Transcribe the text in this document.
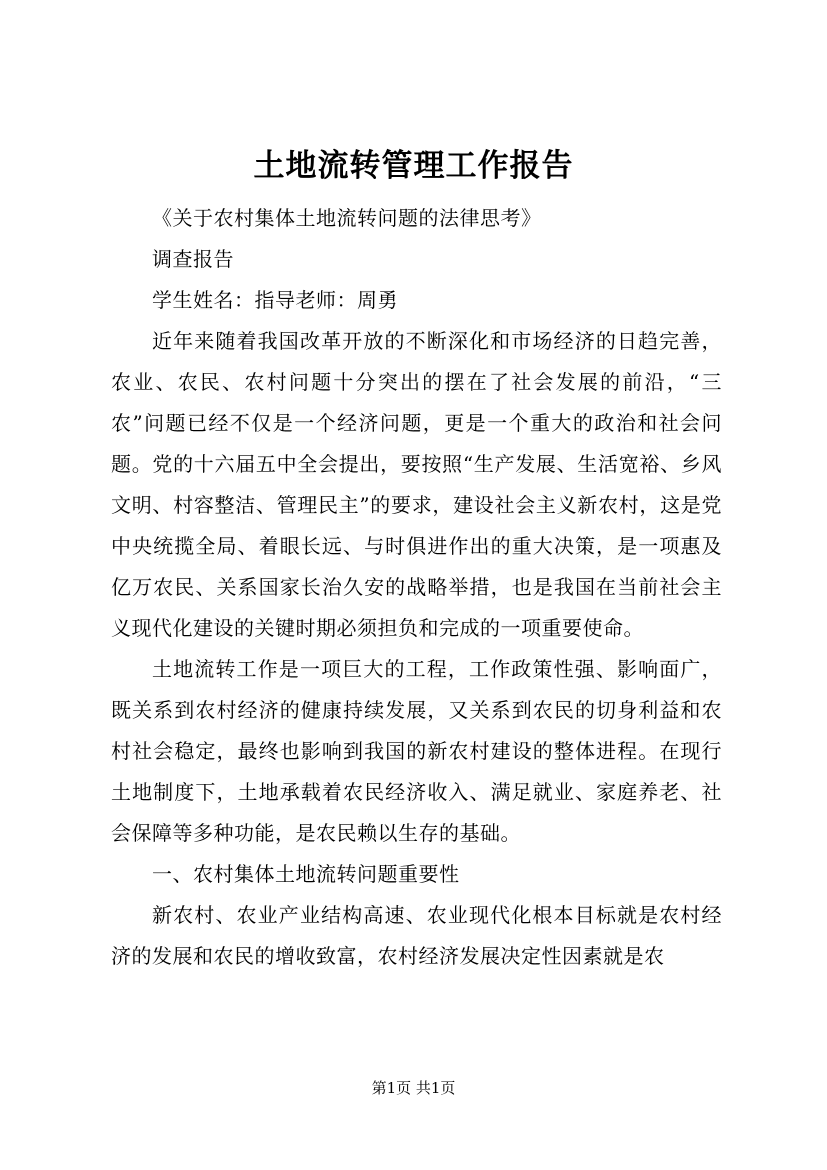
土地流转管理工作报告

《关于农村集体土地流转问题的法律思考》

调查报告

学生姓名：指导老师：周勇

近年来随着我国改革开放的不断深化和市场经济的日趋完善，农业、农民、农村问题十分突出的摆在了社会发展的前沿，“三农”问题已经不仅是一个经济问题，更是一个重大的政治和社会问题。党的十六届五中全会提出，要按照“生产发展、生活宽裕、乡风文明、村容整洁、管理民主”的要求，建设社会主义新农村，这是党中央统揽全局、着眼长远、与时俱进作出的重大决策，是一项惠及亿万农民、关系国家长治久安的战略举措，也是我国在当前社会主义现代化建设的关键时期必须担负和完成的一项重要使命。

土地流转工作是一项巨大的工程，工作政策性强、影响面广，既关系到农村经济的健康持续发展，又关系到农民的切身利益和农村社会稳定，最终也影响到我国的新农村建设的整体进程。在现行土地制度下，土地承载着农民经济收入、满足就业、家庭养老、社会保障等多种功能，是农民赖以生存的基础。

一、农村集体土地流转问题重要性

新农村、农业产业结构高速、农业现代化根本目标就是农村经济的发展和农民的增收致富，农村经济发展决定性因素就是农

第1页 共1页
